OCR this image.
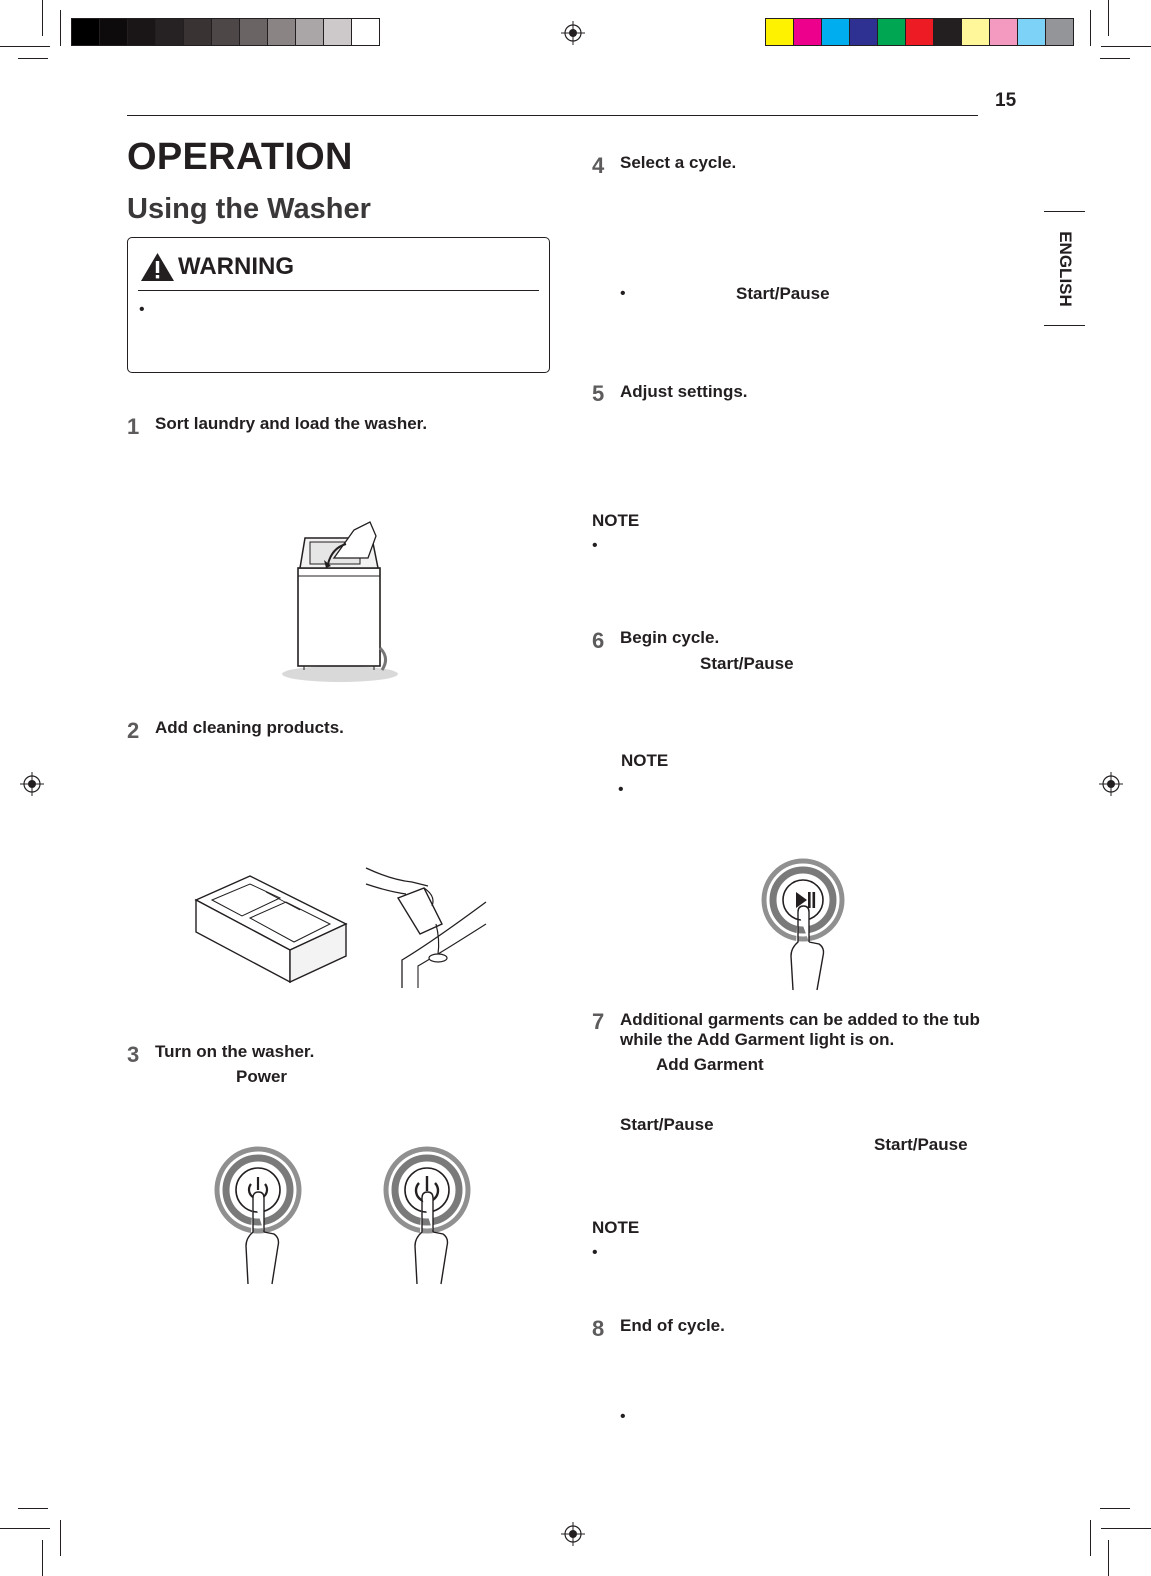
15
ENGLISH
OPERATION
Using the Washer
WARNING
•
1 Sort laundry and load the washer.
2 Add cleaning products.
3 Turn on the washer.
Power
4 Select a cycle.
•	Start/Pause
5 Adjust settings.
NOTE
•
6 Begin cycle.
Start/Pause
NOTE
•
7 Additional garments can be added to the tub
while the Add Garment light is on.
Add Garment
Start/Pause
Start/Pause
NOTE
•
8 End of cycle.
•
